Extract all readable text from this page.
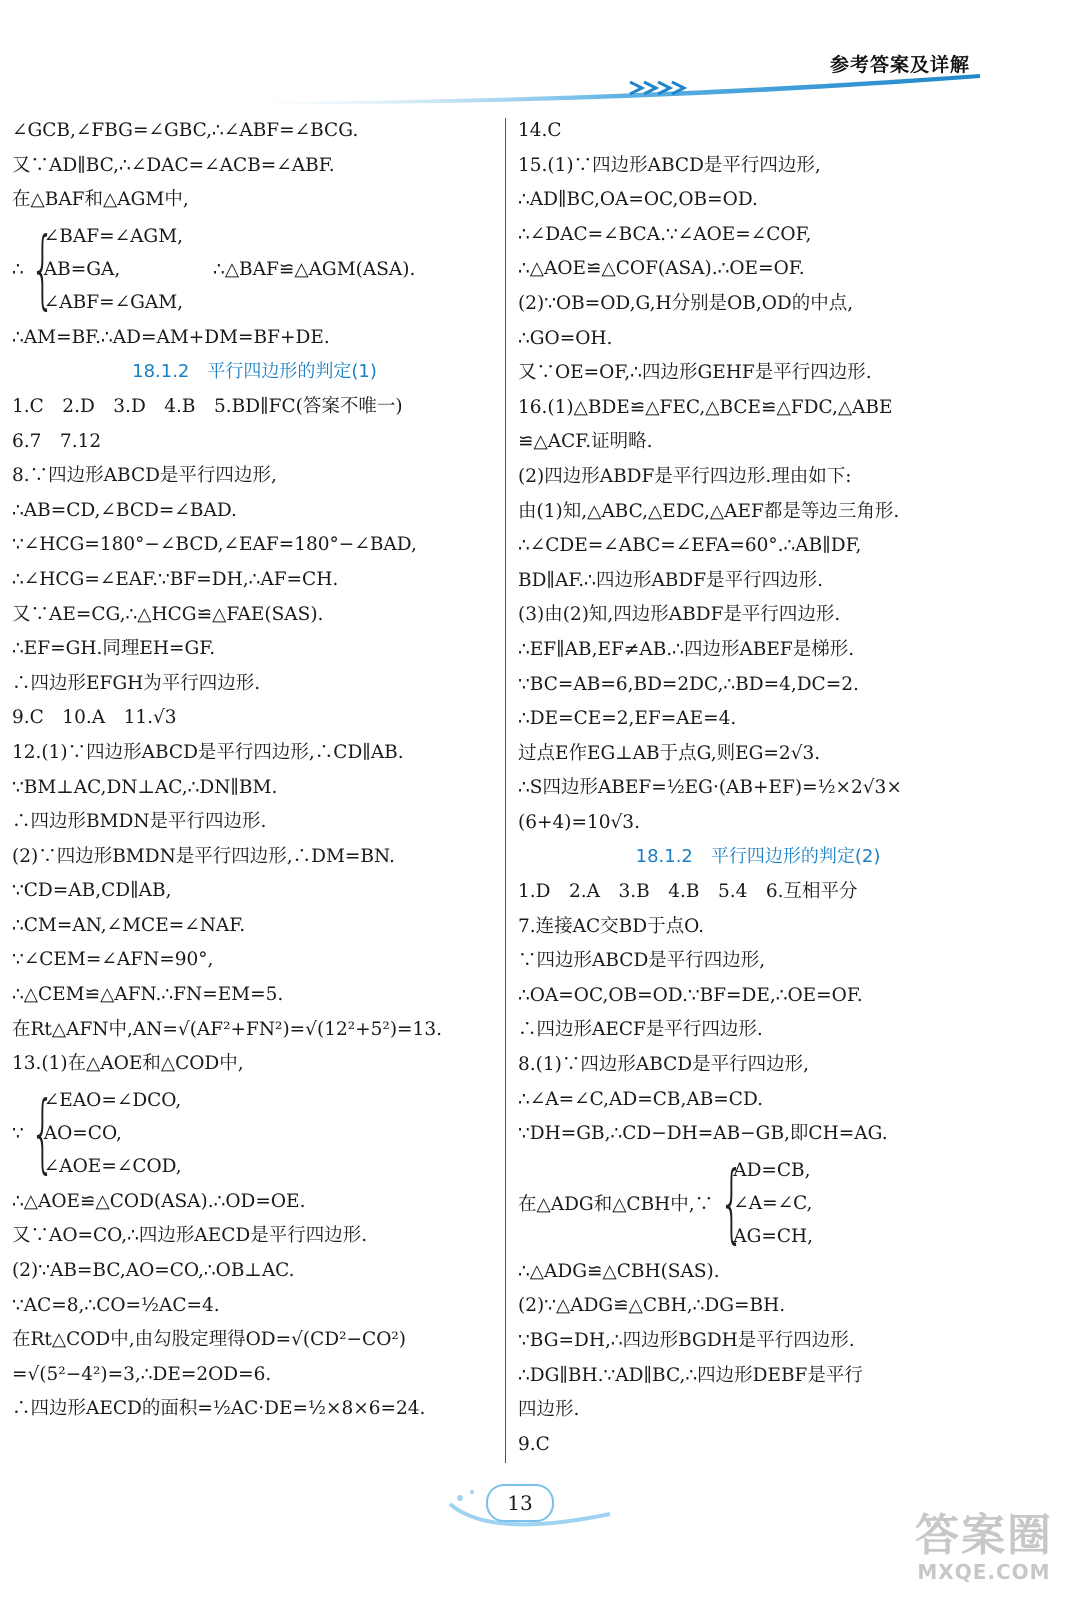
参考答案及详解
∠GCB,∠FBG=∠GBC,∴∠ABF=∠BCG.
又∵AD∥BC,∴∠DAC=∠ACB=∠ABF.
在△BAF和△AGM中,
∴ {
∠BAF=∠AGM,
AB=GA,
∠ABF=∠GAM,
∴△BAF≌△AGM(ASA).
∴AM=BF.∴AD=AM+DM=BF+DE.
18.1.2　平行四边形的判定(1)
1.C　2.D　3.D　4.B　5.BD∥FC(答案不唯一)
6.7　7.12
8.∵四边形ABCD是平行四边形,
∴AB=CD,∠BCD=∠BAD.
∵∠HCG=180°−∠BCD,∠EAF=180°−∠BAD,
∴∠HCG=∠EAF.∵BF=DH,∴AF=CH.
又∵AE=CG,∴△HCG≌△FAE(SAS).
∴EF=GH.同理EH=GF.
∴四边形EFGH为平行四边形.
9.C　10.A　11.√3
12.(1)∵四边形ABCD是平行四边形,∴CD∥AB.
∵BM⊥AC,DN⊥AC,∴DN∥BM.
∴四边形BMDN是平行四边形.
(2)∵四边形BMDN是平行四边形,∴DM=BN.
∵CD=AB,CD∥AB,
∴CM=AN,∠MCE=∠NAF.
∵∠CEM=∠AFN=90°,
∴△CEM≌△AFN.∴FN=EM=5.
在Rt△AFN中,AN=√(AF²+FN²)=√(12²+5²)=13.
13.(1)在△AOE和△COD中,
∵ {
∠EAO=∠DCO,
AO=CO,
∠AOE=∠COD,
∴△AOE≌△COD(ASA).∴OD=OE.
又∵AO=CO,∴四边形AECD是平行四边形.
(2)∵AB=BC,AO=CO,∴OB⊥AC.
∵AC=8,∴CO=½AC=4.
在Rt△COD中,由勾股定理得OD=√(CD²−CO²)
=√(5²−4²)=3,∴DE=2OD=6.
∴四边形AECD的面积=½AC·DE=½×8×6=24.
14.C
15.(1)∵四边形ABCD是平行四边形,
∴AD∥BC,OA=OC,OB=OD.
∴∠DAC=∠BCA.∵∠AOE=∠COF,
∴△AOE≌△COF(ASA).∴OE=OF.
(2)∵OB=OD,G,H分别是OB,OD的中点,
∴GO=OH.
又∵OE=OF,∴四边形GEHF是平行四边形.
16.(1)△BDE≌△FEC,△BCE≌△FDC,△ABE
≌△ACF.证明略.
(2)四边形ABDF是平行四边形.理由如下:
由(1)知,△ABC,△EDC,△AEF都是等边三角形.
∴∠CDE=∠ABC=∠EFA=60°.∴AB∥DF,
BD∥AF.∴四边形ABDF是平行四边形.
(3)由(2)知,四边形ABDF是平行四边形.
∴EF∥AB,EF≠AB.∴四边形ABEF是梯形.
∵BC=AB=6,BD=2DC,∴BD=4,DC=2.
∴DE=CE=2,EF=AE=4.
过点E作EG⊥AB于点G,则EG=2√3.
∴S四边形ABEF=½EG·(AB+EF)=½×2√3×
(6+4)=10√3.
18.1.2　平行四边形的判定(2)
1.D　2.A　3.B　4.B　5.4　6.互相平分
7.连接AC交BD于点O.
∵四边形ABCD是平行四边形,
∴OA=OC,OB=OD.∵BF=DE,∴OE=OF.
∴四边形AECF是平行四边形.
8.(1)∵四边形ABCD是平行四边形,
∴∠A=∠C,AD=CB,AB=CD.
∵DH=GB,∴CD−DH=AB−GB,即CH=AG.
在△ADG和△CBH中,∵ {
AD=CB,
∠A=∠C,
AG=CH,
∴△ADG≌△CBH(SAS).
(2)∵△ADG≌△CBH,∴DG=BH.
∵BG=DH,∴四边形BGDH是平行四边形.
∴DG∥BH.∵AD∥BC,∴四边形DEBF是平行
四边形.
9.C
13
答案圈
MXQE.COM
